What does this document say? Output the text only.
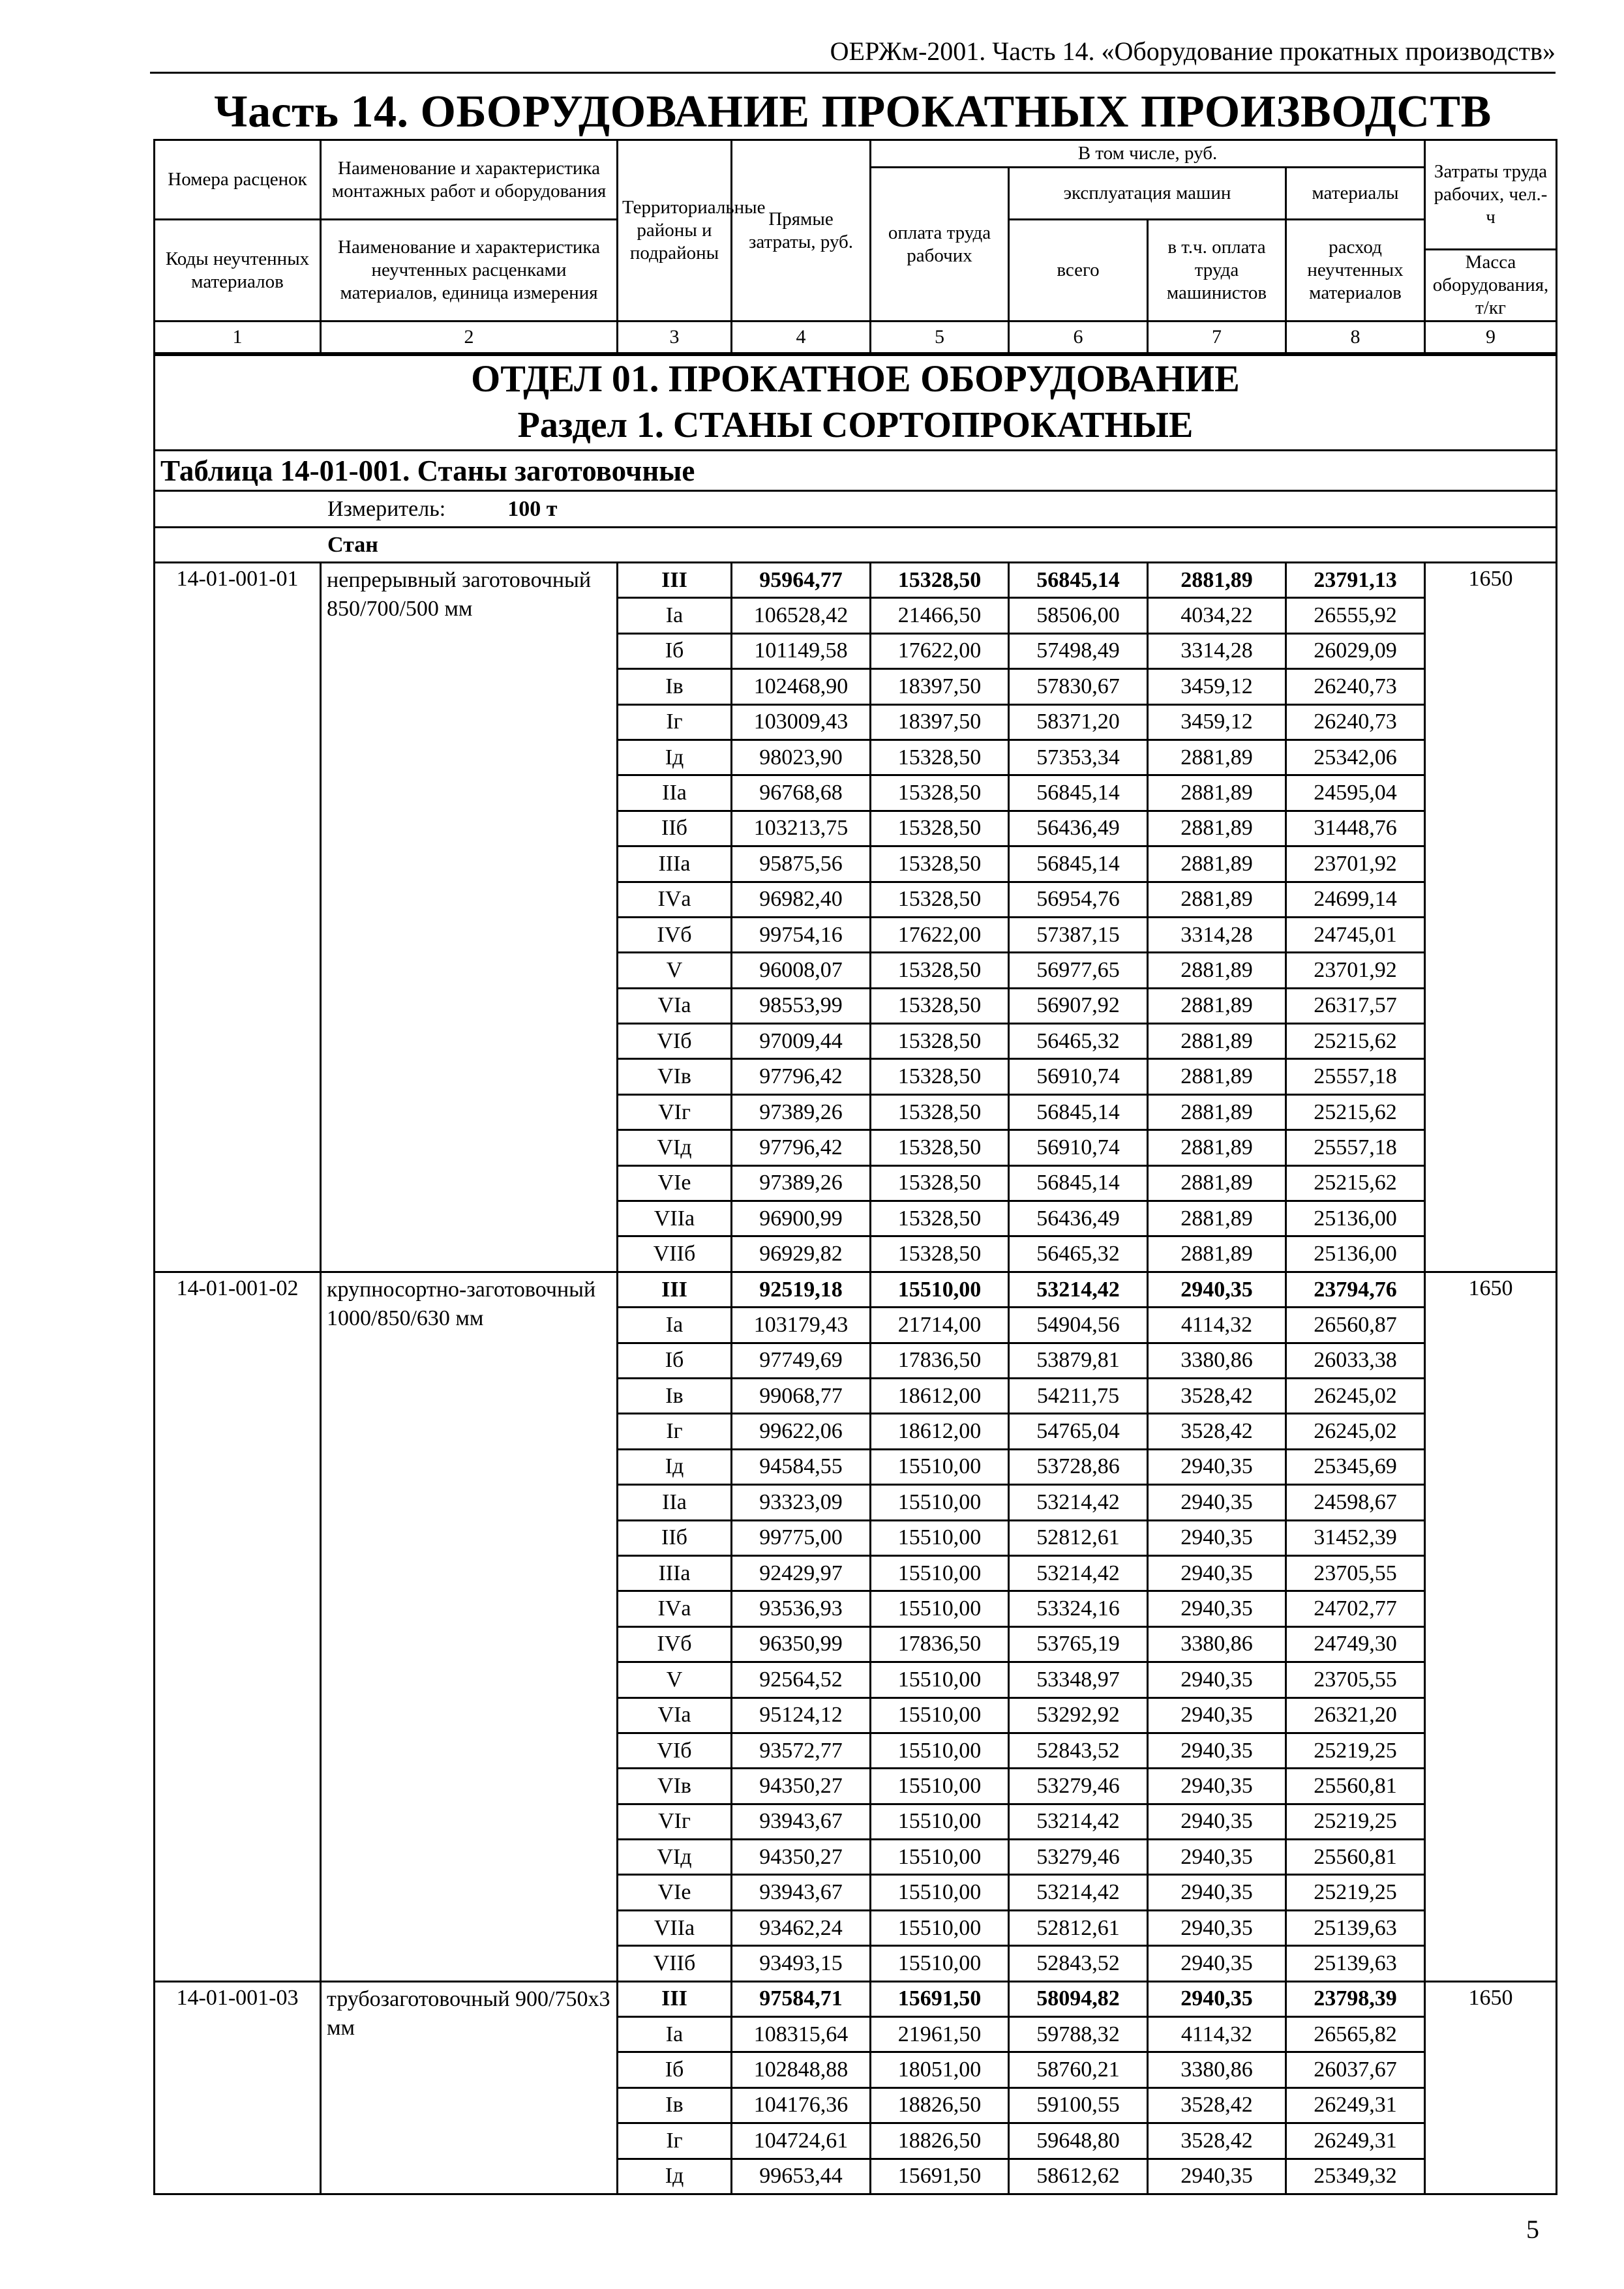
ОЕРЖм-2001. Часть 14. «Оборудование прокатных производств»
Часть 14. ОБОРУДОВАНИЕ ПРОКАТНЫХ ПРОИЗВОДСТВ
Номера расценок	Наименование и характеристика монтажных работ и оборудования	Территориальные районы и подрайоны	Прямые затраты, руб.	В том числе, руб.				Затраты труда рабочих, чел.-ч
				оплата труда рабочих	эксплуатация машин		материалы	
Коды неучтенных материалов	Наименование и характеристика неучтенных расценками материалов, единица измерения				всего	в т.ч. оплата труда машинистов	расход неучтенных материалов	
								Масса оборудования, т/кг
1	2	3	4	5	6	7	8	9
ОТДЕЛ 01. ПРОКАТНОЕ ОБОРУДОВАНИЕ								
Раздел 1. СТАНЫ СОРТОПРОКАТНЫЕ								
Таблица 14-01-001. Станы заготовочные								
Измеритель: 100 т								
Стан								
14-01-001-01	непрерывный заготовочный 850/700/500 мм	III	95964,77	15328,50	56845,14	2881,89	23791,13	1650
		Iа	106528,42	21466,50	58506,00	4034,22	26555,92	
		Iб	101149,58	17622,00	57498,49	3314,28	26029,09	
		Iв	102468,90	18397,50	57830,67	3459,12	26240,73	
		Iг	103009,43	18397,50	58371,20	3459,12	26240,73	
		Iд	98023,90	15328,50	57353,34	2881,89	25342,06	
		IIа	96768,68	15328,50	56845,14	2881,89	24595,04	
		IIб	103213,75	15328,50	56436,49	2881,89	31448,76	
		IIIа	95875,56	15328,50	56845,14	2881,89	23701,92	
		IVа	96982,40	15328,50	56954,76	2881,89	24699,14	
		IVб	99754,16	17622,00	57387,15	3314,28	24745,01	
		V	96008,07	15328,50	56977,65	2881,89	23701,92	
		VIа	98553,99	15328,50	56907,92	2881,89	26317,57	
		VIб	97009,44	15328,50	56465,32	2881,89	25215,62	
		VIв	97796,42	15328,50	56910,74	2881,89	25557,18	
		VIг	97389,26	15328,50	56845,14	2881,89	25215,62	
		VIд	97796,42	15328,50	56910,74	2881,89	25557,18	
		VIе	97389,26	15328,50	56845,14	2881,89	25215,62	
		VIIа	96900,99	15328,50	56436,49	2881,89	25136,00	
		VIIб	96929,82	15328,50	56465,32	2881,89	25136,00	
14-01-001-02	крупносортно-заготовочный 1000/850/630 мм	III	92519,18	15510,00	53214,42	2940,35	23794,76	1650
		Iа	103179,43	21714,00	54904,56	4114,32	26560,87	
		Iб	97749,69	17836,50	53879,81	3380,86	26033,38	
		Iв	99068,77	18612,00	54211,75	3528,42	26245,02	
		Iг	99622,06	18612,00	54765,04	3528,42	26245,02	
		Iд	94584,55	15510,00	53728,86	2940,35	25345,69	
		IIа	93323,09	15510,00	53214,42	2940,35	24598,67	
		IIб	99775,00	15510,00	52812,61	2940,35	31452,39	
		IIIа	92429,97	15510,00	53214,42	2940,35	23705,55	
		IVа	93536,93	15510,00	53324,16	2940,35	24702,77	
		IVб	96350,99	17836,50	53765,19	3380,86	24749,30	
		V	92564,52	15510,00	53348,97	2940,35	23705,55	
		VIа	95124,12	15510,00	53292,92	2940,35	26321,20	
		VIб	93572,77	15510,00	52843,52	2940,35	25219,25	
		VIв	94350,27	15510,00	53279,46	2940,35	25560,81	
		VIг	93943,67	15510,00	53214,42	2940,35	25219,25	
		VIд	94350,27	15510,00	53279,46	2940,35	25560,81	
		VIе	93943,67	15510,00	53214,42	2940,35	25219,25	
		VIIа	93462,24	15510,00	52812,61	2940,35	25139,63	
		VIIб	93493,15	15510,00	52843,52	2940,35	25139,63	
14-01-001-03	трубозаготовочный 900/750х3 мм	III	97584,71	15691,50	58094,82	2940,35	23798,39	1650
		Iа	108315,64	21961,50	59788,32	4114,32	26565,82	
		Iб	102848,88	18051,00	58760,21	3380,86	26037,67	
		Iв	104176,36	18826,50	59100,55	3528,42	26249,31	
		Iг	104724,61	18826,50	59648,80	3528,42	26249,31	
		Iд	99653,44	15691,50	58612,62	2940,35	25349,32	
5
